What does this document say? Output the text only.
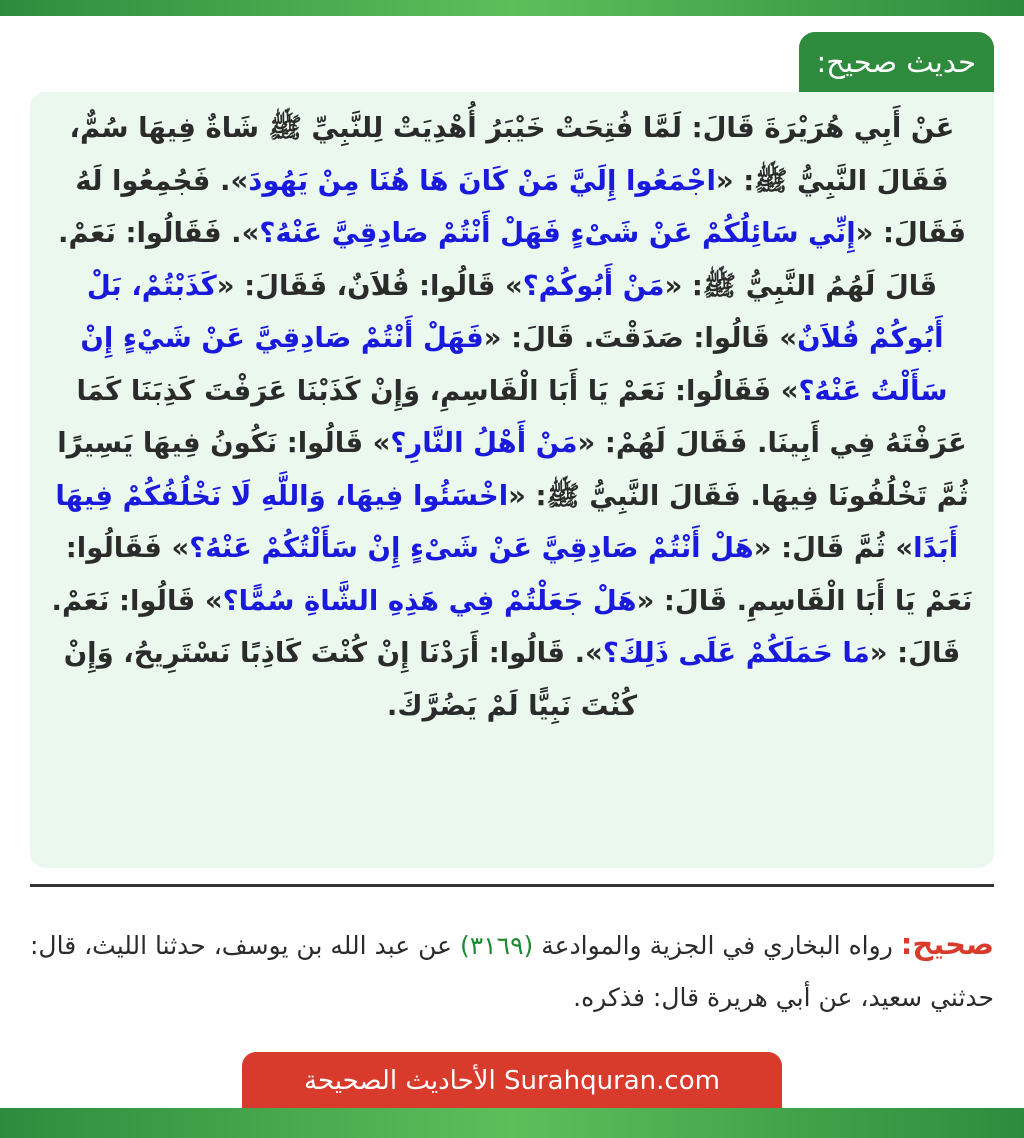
حديث صحيح:

عَنْ أَبِي هُرَيْرَةَ قَالَ: لَمَّا فُتِحَتْ خَيْبَرُ أُهْدِيَتْ لِلنَّبِيِّ ﷺ شَاةٌ فِيهَا سُمٌّ، فَقَالَ النَّبِيُّ ﷺ: «اجْمَعُوا إِلَيَّ مَنْ كَانَ هَا هُنَا مِنْ يَهُودَ». فَجُمِعُوا لَهُ فَقَالَ: «إِنِّي سَائِلُكُمْ عَنْ شَىْءٍ فَهَلْ أَنْتُمْ صَادِقِيَّ عَنْهُ؟». فَقَالُوا: نَعَمْ. قَالَ لَهُمُ النَّبِيُّ ﷺ: «مَنْ أَبُوكُمْ؟» قَالُوا: فُلاَنٌ، فَقَالَ: «كَذَبْتُمْ، بَلْ أَبُوكُمْ فُلاَنٌ» قَالُوا: صَدَقْتَ. قَالَ: «فَهَلْ أَنْتُمْ صَادِقِيَّ عَنْ شَيْءٍ إِنْ سَأَلْتُ عَنْهُ؟» فَقَالُوا: نَعَمْ يَا أَبَا الْقَاسِمِ، وَإِنْ كَذَبْنَا عَرَفْتَ كَذِبَنَا كَمَا عَرَفْتَهُ فِي أَبِينَا. فَقَالَ لَهُمْ: «مَنْ أَهْلُ النَّارِ؟» قَالُوا: نَكُونُ فِيهَا يَسِيرًا ثُمَّ تَخْلُفُونَا فِيهَا. فَقَالَ النَّبِيُّ ﷺ: «اخْسَئُوا فِيهَا، وَاللَّهِ لَا نَخْلُفُكُمْ فِيهَا أَبَدًا» ثُمَّ قَالَ: «هَلْ أَنْتُمْ صَادِقِيَّ عَنْ شَىْءٍ إِنْ سَأَلْتُكُمْ عَنْهُ؟» فَقَالُوا: نَعَمْ يَا أَبَا الْقَاسِمِ. قَالَ: «هَلْ جَعَلْتُمْ فِي هَذِهِ الشَّاةِ سُمًّا؟» قَالُوا: نَعَمْ. قَالَ: «مَا حَمَلَكُمْ عَلَى ذَلِكَ؟». قَالُوا: أَرَدْنَا إِنْ كُنْتَ كَاذِبًا نَسْتَرِيحُ، وَإِنْ كُنْتَ نَبِيًّا لَمْ يَضُرَّكَ.

صحيح: رواه البخاري في الجزية والموادعة (٣١٦٩) عن عبد الله بن يوسف، حدثنا الليث، قال: حدثني سعيد، عن أبي هريرة قال: فذكره.

الأحاديث الصحيحة Surahquran.com
